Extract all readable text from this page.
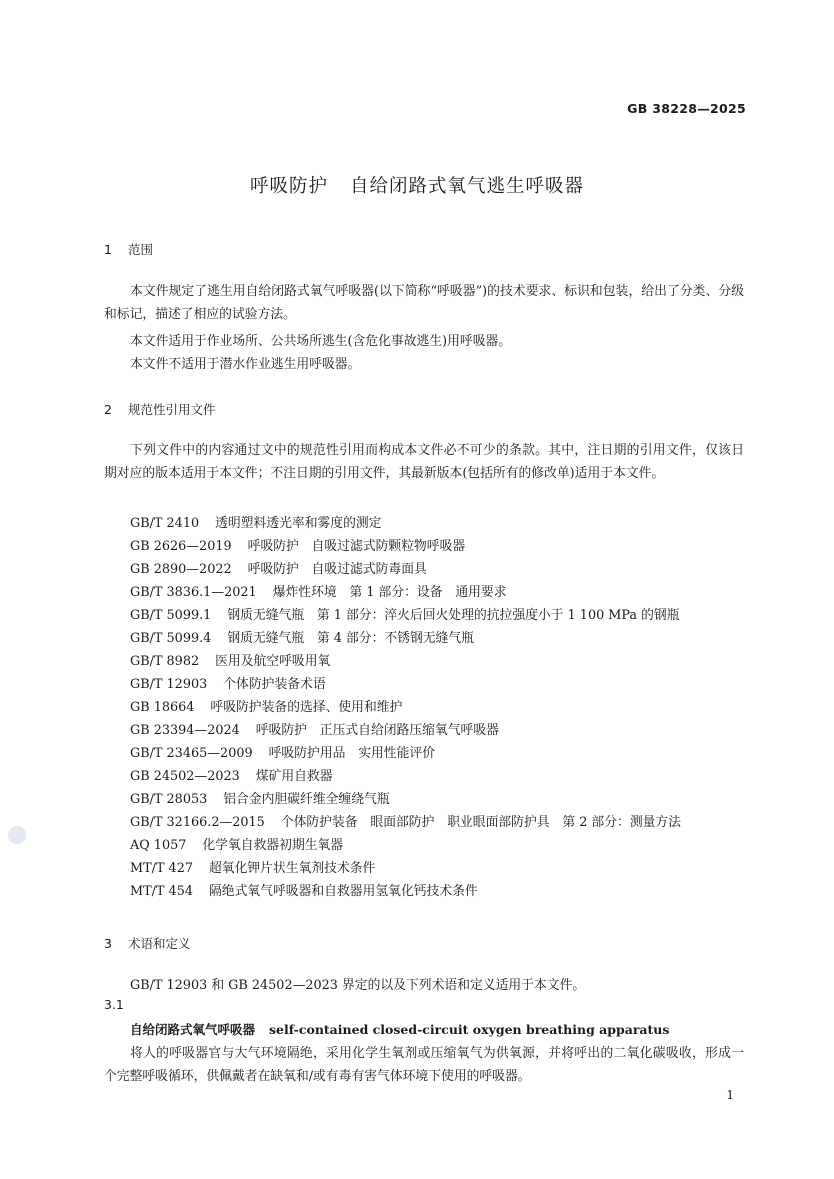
GB 38228—2025
呼吸防护 自给闭路式氧气逃生呼吸器
1 范围
本文件规定了逃生用自给闭路式氧气呼吸器(以下简称“呼吸器”)的技术要求、标识和包装，给出了分类、分级和标记，描述了相应的试验方法。
本文件适用于作业场所、公共场所逃生(含危化事故逃生)用呼吸器。
本文件不适用于潜水作业逃生用呼吸器。
2 规范性引用文件
下列文件中的内容通过文中的规范性引用而构成本文件必不可少的条款。其中，注日期的引用文件，仅该日期对应的版本适用于本文件；不注日期的引用文件，其最新版本(包括所有的修改单)适用于本文件。
GB/T 2410 透明塑料透光率和雾度的测定
GB 2626—2019 呼吸防护　自吸过滤式防颗粒物呼吸器
GB 2890—2022 呼吸防护　自吸过滤式防毒面具
GB/T 3836.1—2021 爆炸性环境　第 1 部分：设备　通用要求
GB/T 5099.1 钢质无缝气瓶　第 1 部分：淬火后回火处理的抗拉强度小于 1 100 MPa 的钢瓶
GB/T 5099.4 钢质无缝气瓶　第 4 部分：不锈钢无缝气瓶
GB/T 8982 医用及航空呼吸用氧
GB/T 12903 个体防护装备术语
GB 18664 呼吸防护装备的选择、使用和维护
GB 23394—2024 呼吸防护　正压式自给闭路压缩氧气呼吸器
GB/T 23465—2009 呼吸防护用品　实用性能评价
GB 24502—2023 煤矿用自救器
GB/T 28053 铝合金内胆碳纤维全缠绕气瓶
GB/T 32166.2—2015 个体防护装备　眼面部防护　职业眼面部防护具　第 2 部分：测量方法
AQ 1057 化学氧自救器初期生氧器
MT/T 427 超氧化钾片状生氧剂技术条件
MT/T 454 隔绝式氧气呼吸器和自救器用氢氧化钙技术条件
3 术语和定义
GB/T 12903 和 GB 24502—2023 界定的以及下列术语和定义适用于本文件。
3.1
自给闭路式氧气呼吸器 self-contained closed-circuit oxygen breathing apparatus
将人的呼吸器官与大气环境隔绝，采用化学生氧剂或压缩氧气为供氧源，并将呼出的二氧化碳吸收，形成一个完整呼吸循环，供佩戴者在缺氧和/或有毒有害气体环境下使用的呼吸器。
1
